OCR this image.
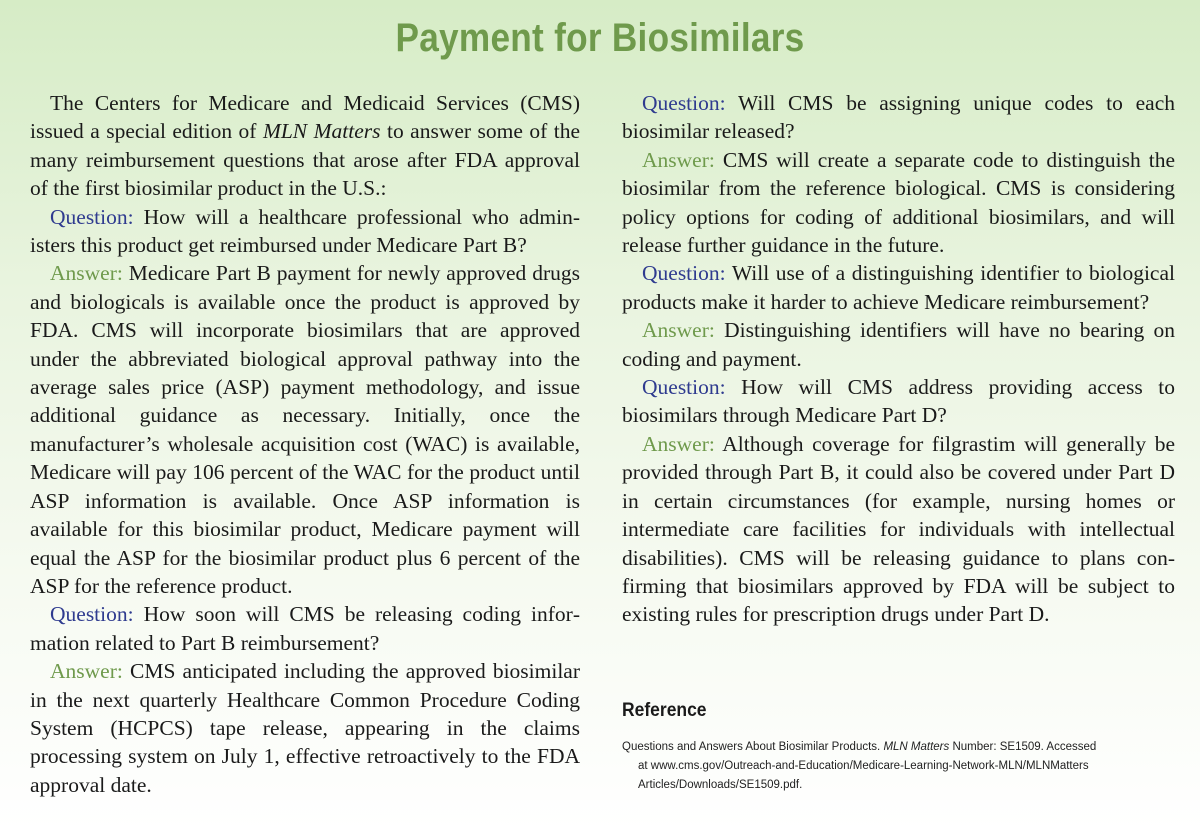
Payment for Biosimilars

The Centers for Medicare and Medicaid Services (CMS) issued a special edition of MLN Matters to answer some of the many reimbursement questions that arose after FDA approval of the first biosimilar product in the U.S.:

Question: How will a healthcare professional who administers this product get reimbursed under Medicare Part B?

Answer: Medicare Part B payment for newly approved drugs and biologicals is available once the product is approved by FDA. CMS will incorporate biosimilars that are approved under the abbreviated biological approval pathway into the average sales price (ASP) payment methodology, and issue additional guidance as necessary. Initially, once the manufacturer’s wholesale acquisition cost (WAC) is available, Medicare will pay 106 percent of the WAC for the product until ASP information is available. Once ASP information is available for this biosimilar product, Medicare payment will equal the ASP for the biosimilar product plus 6 percent of the ASP for the reference product.

Question: How soon will CMS be releasing coding information related to Part B reimbursement?

Answer: CMS anticipated including the approved biosimilar in the next quarterly Healthcare Common Procedure Coding System (HCPCS) tape release, appearing in the claims processing system on July 1, effective retroactively to the FDA approval date.

Question: Will CMS be assigning unique codes to each biosimilar released?

Answer: CMS will create a separate code to distinguish the biosimilar from the reference biological. CMS is considering policy options for coding of additional biosimilars, and will release further guidance in the future.

Question: Will use of a distinguishing identifier to biological products make it harder to achieve Medicare reimbursement?

Answer: Distinguishing identifiers will have no bearing on coding and payment.

Question: How will CMS address providing access to biosimilars through Medicare Part D?

Answer: Although coverage for filgrastim will generally be provided through Part B, it could also be covered under Part D in certain circumstances (for example, nursing homes or intermediate care facilities for individuals with intellectual disabilities). CMS will be releasing guidance to plans confirming that biosimilars approved by FDA will be subject to existing rules for prescription drugs under Part D.

Reference
Questions and Answers About Biosimilar Products. MLN Matters Number: SE1509. Accessed
at www.cms.gov/Outreach-and-Education/Medicare-Learning-Network-MLN/MLNMatters
Articles/Downloads/SE1509.pdf.
